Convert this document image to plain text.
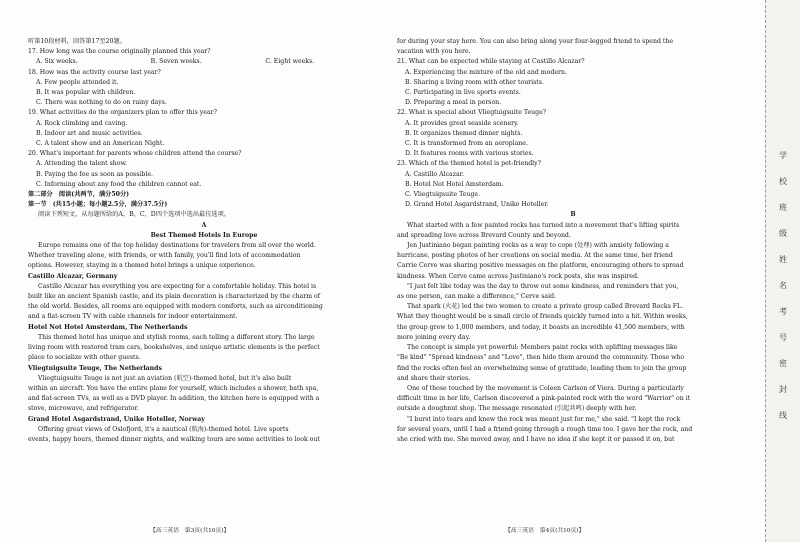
听第10段材料，回答第17至20题。
17. How long was the course originally planned this year?
A. Six weeks.	B. Seven weeks.	C. Eight weeks.
18. How was the activity course last year?
A. Few people attended it.
B. It was popular with children.
C. There was nothing to do on rainy days.
19. What activities do the organizers plan to offer this year?
A. Rock climbing and caving.
B. Indoor art and music activities.
C. A talent show and an American Night.
20. What's important for parents whose children attend the course?
A. Attending the talent show.
B. Paying the fee as soon as possible.
C. Informing about any food the children cannot eat.
第二部分　阅读(共两节，满分50分)
第一节　(共15小题；每小题2.5分，满分37.5分)
阅读下列短文，从每题所给的A、B、C、D四个选项中选出最佳选项。
A
Best Themed Hotels In Europe
Europe remains one of the top holiday destinations for travelers from all over the world.
Whether traveling alone, with friends, or with family, you'll find lots of accommodation
options. However, staying in a themed hotel brings a unique experience.
Castillo Alcazar, Germany
Castillo Alcazar has everything you are expecting for a comfortable holiday. This hotel is
built like an ancient Spanish castle, and its plain decoration is characterized by the charm of
the old world. Besides, all rooms are equipped with modern comforts, such as airconditioning
and a flat-screen TV with cable channels for indoor entertainment.
Hotel Not Hotel Amsterdam, The Netherlands
This themed hotel has unique and stylish rooms, each telling a different story. The large
living room with restored tram cars, bookshelves, and unique artistic elements is the perfect
place to socialize with other guests.
Vliegtuigsuite Teuge, The Netherlands
Vliegtuigsuite Teuge is not just an aviation (航空)-themed hotel, but it's also built
within an aircraft. You have the entire plane for yourself, which includes a shower, bath spa,
and flat-screen TVs, as well as a DVD player. In addition, the kitchen here is equipped with a
stove, microwave, and refrigerator.
Grand Hotel Asgardstrand, Unike Hoteller, Norway
Offering great views of Oslofjord, it's a nautical (航海)-themed hotel. Live sports
events, happy hours, themed dinner nights, and walking tours are some activities to look out
for during your stay here. You can also bring along your four-legged friend to spend the
vacation with you here.
21. What can be expected while staying at Castillo Alcazar?
A. Experiencing the mixture of the old and modern.
B. Sharing a living room with other tourists.
C. Participating in live sports events.
D. Preparing a meal in person.
22. What is special about Vliegtuigsuite Teuge?
A. It provides great seaside scenery.
B. It organizes themed dinner nights.
C. It is transformed from an aeroplane.
D. It features rooms with various stories.
23. Which of the themed hotel is pet-friendly?
A. Castillo Alcazar.
B. Hotel Not Hotel Amsterdam.
C. Vliegtuigsuite Teuge.
D. Grand Hotel Asgardstrand, Unike Hoteller.
B
What started with a few painted rocks has turned into a movement that's lifting spirits
and spreading love across Brevard County and beyond.
Jen Justiniano began painting rocks as a way to cope (处理) with anxiety following a
hurricane, posting photos of her creations on social media. At the same time, her friend
Carrie Cerve was sharing positive messages on the platform, encouraging others to spread
kindness. When Cerve came across Justiniano's rock posts, she was inspired.
"I just felt like today was the day to throw out some kindness, and reminders that you,
as one person, can make a difference," Cerve said.
That spark (火花) led the two women to create a private group called Brevard Rocks FL.
What they thought would be a small circle of friends quickly turned into a hit. Within weeks,
the group grew to 1,000 members, and today, it boasts an incredible 41,500 members, with
more joining every day.
The concept is simple yet powerful: Members paint rocks with uplifting messages like
"Be kind" "Spread kindness" and "Love", then hide them around the community. Those who
find the rocks often feel an overwhelming sense of gratitude, leading them to join the group
and share their stories.
One of those touched by the movement is Coleen Carlson of Viera. During a particularly
difficult time in her life, Carlson discovered a pink-painted rock with the word "Warrior" on it
outside a doughnut shop. The message resonated (引起共鸣) deeply with her.
"I burst into tears and knew the rock was meant just for me," she said. "I kept the rock
for several years, until I had a friend going through a rough time too. I gave her the rock, and
she cried with me. She moved away, and I have no idea if she kept it or passed it on, but
【高三英语　第3页(共10页)】	【高三英语　第4页(共10页)】
学
校
班
级
姓
名
考
号
密
封
线
